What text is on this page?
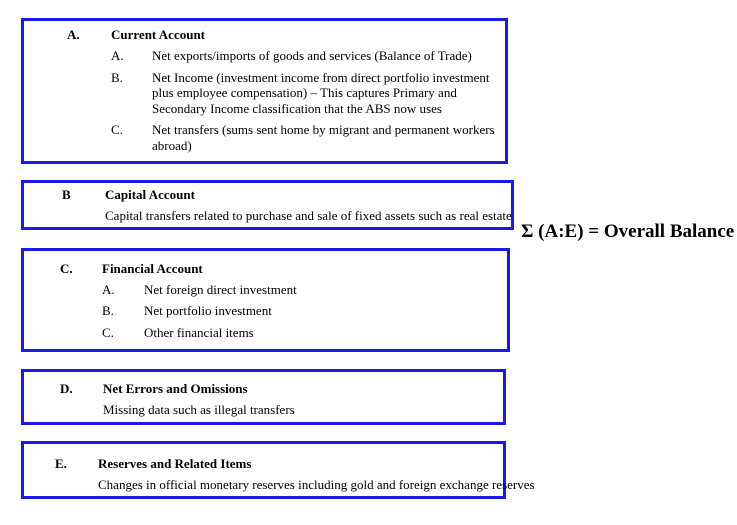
A. Current Account
A. Net exports/imports of goods and services (Balance of Trade)
B. Net Income (investment income from direct portfolio investment
plus employee compensation) – This captures Primary and
Secondary Income classification that the ABS now uses
C. Net transfers (sums sent home by migrant and permanent workers
abroad)
B	Capital Account
Capital transfers related to purchase and sale of fixed assets such as real estate
Σ (A:E) = Overall Balance
C. Financial Account
A. Net foreign direct investment
B. Net portfolio investment
C. Other financial items
D. Net Errors and Omissions
Missing data such as illegal transfers
E. Reserves and Related Items
Changes in official monetary reserves including gold and foreign exchange reserves
